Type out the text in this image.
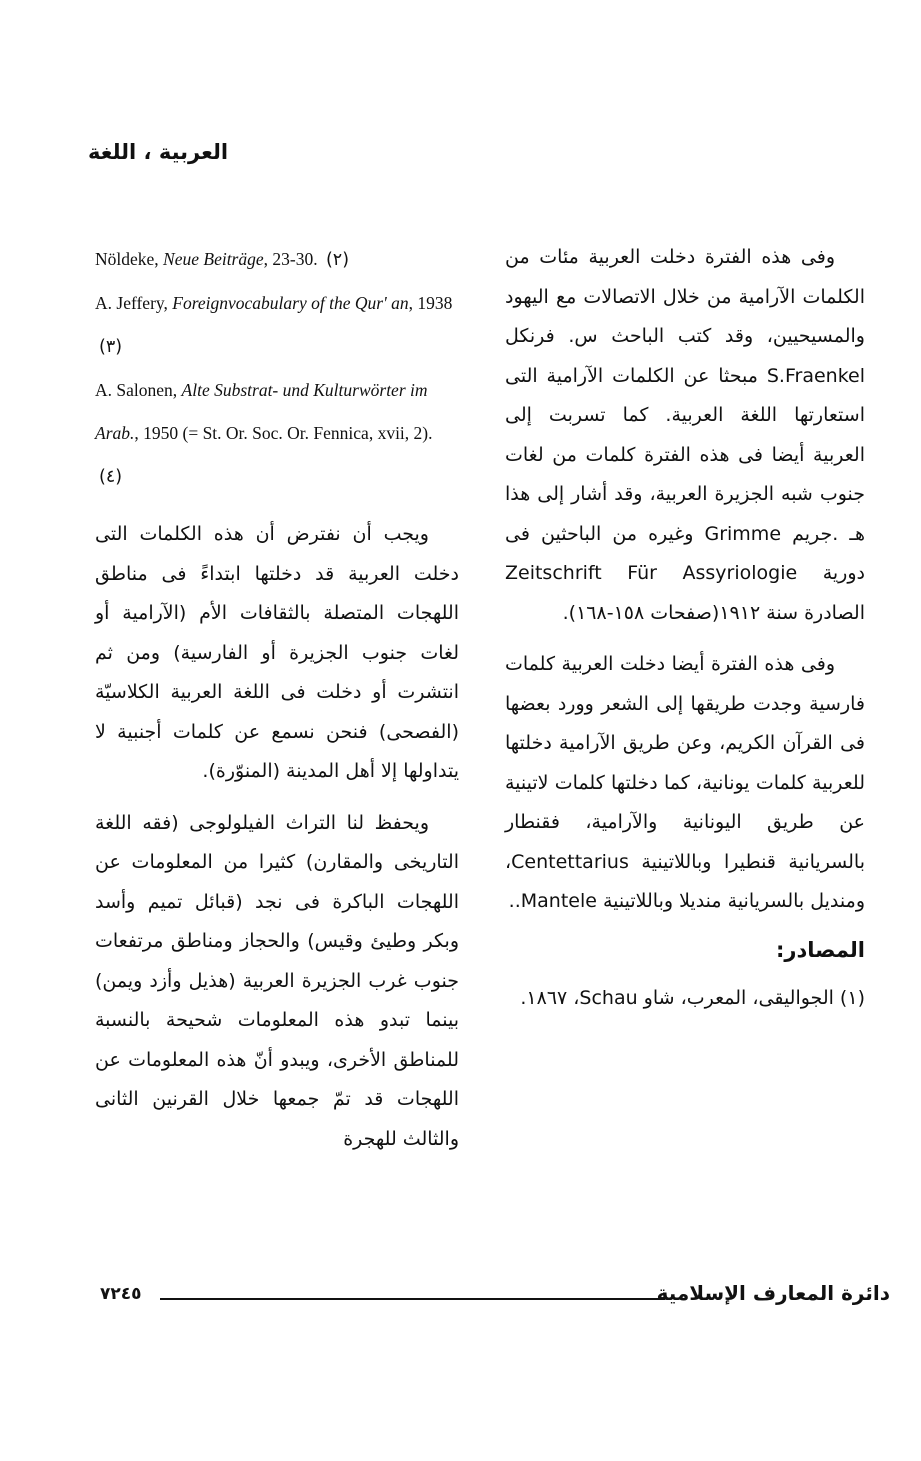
العربية ، اللغة

وفى هذه الفترة دخلت العربية مئات من الكلمات الآرامية من خلال الاتصالات مع اليهود والمسيحيين، وقد كتب الباحث س. فرنكل S.Fraenkel مبحثا عن الكلمات الآرامية التى استعارتها اللغة العربية. كما تسربت إلى العربية أيضا فى هذه الفترة كلمات من لغات جنوب شبه الجزيرة العربية، وقد أشار إلى هذا هـ .جريم Grimme وغيره من الباحثين فى دورية Zeitschrift Für Assyriologie الصادرة سنة ١٩١٢(صفحات ١٥٨-١٦٨).

وفى هذه الفترة أيضا دخلت العربية كلمات فارسية وجدت طريقها إلى الشعر وورد بعضها فى القرآن الكريم، وعن طريق الآرامية دخلتها للعربية كلمات يونانية، كما دخلتها كلمات لاتينية عن طريق اليونانية والآرامية، فقنطار بالسريانية قنطيرا وباللاتينية Centettarius، ومنديل بالسريانية منديلا وباللاتينية Mantele..

المصادر:

(١) الجواليقى، المعرب، شاو Schau، ١٨٦٧.

Nöldeke, Neue Beiträge, 23-30. (٢)

A. Jeffery, Foreignvocabulary of the Qur' an, 1938 (٣)

A. Salonen, Alte Substrat- und Kulturwörter im Arab., 1950 (= St. Or. Soc. Or. Fennica, xvii, 2). (٤)

ويجب أن نفترض أن هذه الكلمات التى دخلت العربية قد دخلتها ابتداءً فى مناطق اللهجات المتصلة بالثقافات الأم (الآرامية أو لغات جنوب الجزيرة أو الفارسية) ومن ثم انتشرت أو دخلت فى اللغة العربية الكلاسيّة (الفصحى) فنحن نسمع عن كلمات أجنبية لا يتداولها إلا أهل المدينة (المنوّرة).

ويحفظ لنا التراث الفيلولوجى (فقه اللغة التاريخى والمقارن) كثيرا من المعلومات عن اللهجات الباكرة فى نجد (قبائل تميم وأسد وبكر وطيئ وقيس) والحجاز ومناطق مرتفعات جنوب غرب الجزيرة العربية (هذيل وأزد ويمن) بينما تبدو هذه المعلومات شحيحة بالنسبة للمناطق الأخرى، ويبدو أنّ هذه المعلومات عن اللهجات قد تمّ جمعها خلال القرنين الثانى والثالث للهجرة

٧٢٤٥	دائرة المعارف الإسلامية
